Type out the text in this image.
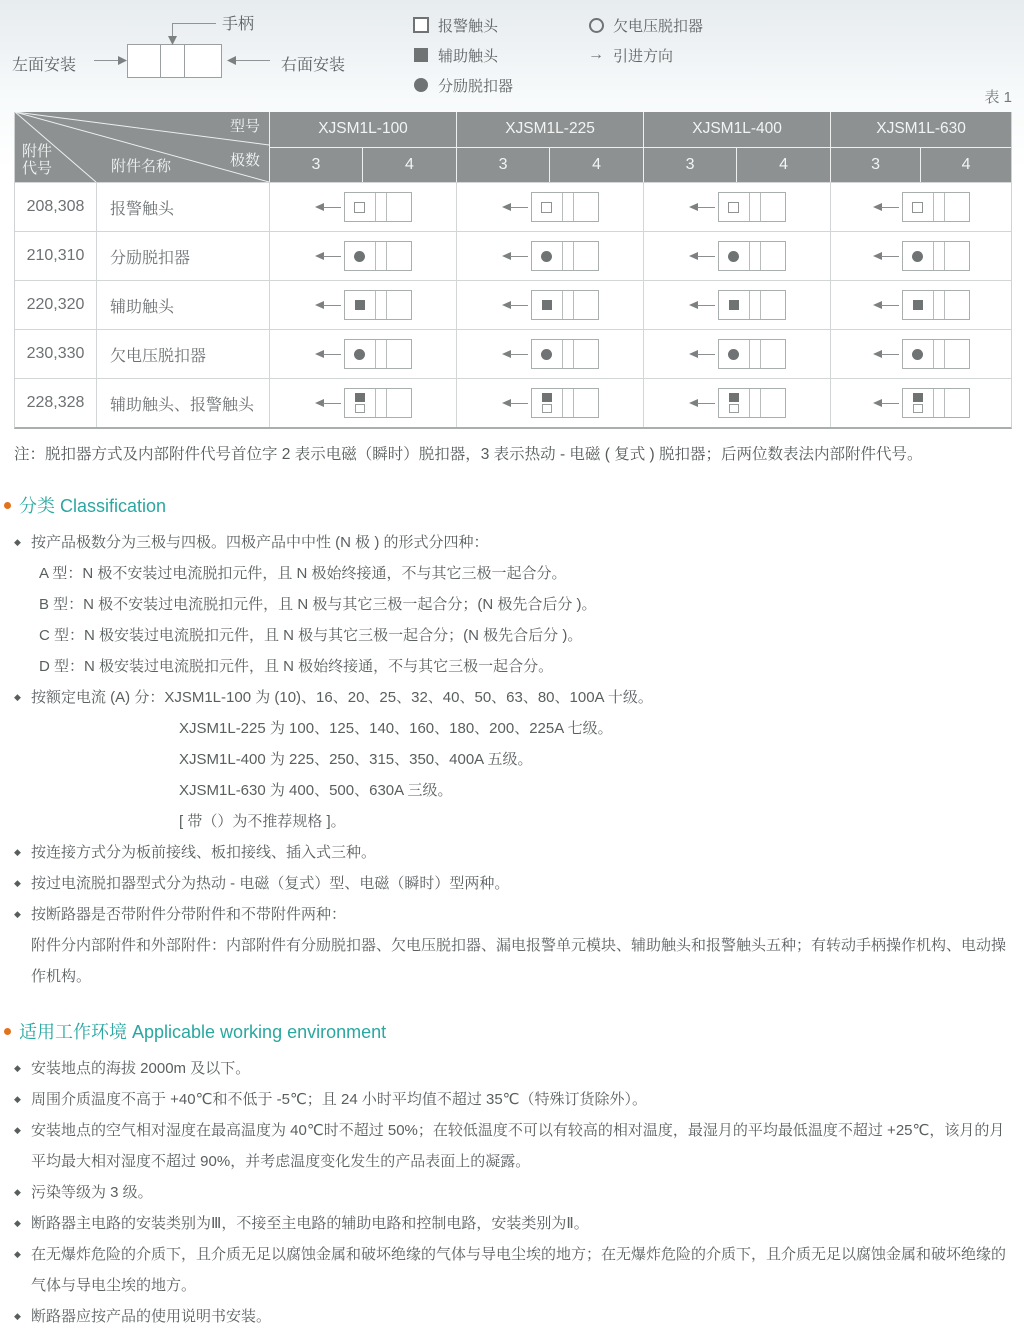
左面安装	右面安装
手柄	报警触头
辅助触头
分励脱扣器
欠电压脱扣器
→ 引进方向
表 1
型号
极数
附件代号 附件名称		XJSM1L-100		XJSM1L-225		XJSM1L-400		XJSM1L-630	
		3	4	3	4	3	4	3	4
208,308	报警触头					

210,310	分励脱扣器					

220,320	辅助触头					

230,330	欠电压脱扣器					

228,328	辅助触头、报警触头					

注：脱扣器方式及内部附件代号首位字 2 表示电磁（瞬时）脱扣器，3 表示热动 - 电磁 ( 复式 ) 脱扣器；后两位数表法内部附件代号。

分类 Classification
◆ 按产品极数分为三极与四极。四极产品中中性 (N 极 ) 的形式分四种：
A 型：N 极不安装过电流脱扣元件，且 N 极始终接通，不与其它三极一起合分。
B 型：N 极不安装过电流脱扣元件，且 N 极与其它三极一起合分；(N 极先合后分 )。
C 型：N 极安装过电流脱扣元件，且 N 极与其它三极一起合分；(N 极先合后分 )。
D 型：N 极安装过电流脱扣元件，且 N 极始终接通，不与其它三极一起合分。
◆ 按额定电流 (A) 分：XJSM1L-100 为 (10)、16、20、25、32、40、50、63、80、100A 十级。
XJSM1L-225 为 100、125、140、160、180、200、225A 七级。
XJSM1L-400 为 225、250、315、350、400A 五级。
XJSM1L-630 为 400、500、630A 三级。
[ 带（）为不推荐规格 ]。
◆ 按连接方式分为板前接线、板扣接线、插入式三种。
◆ 按过电流脱扣器型式分为热动 - 电磁（复式）型、电磁（瞬时）型两种。
◆ 按断路器是否带附件分带附件和不带附件两种：
附件分内部附件和外部附件：内部附件有分励脱扣器、欠电压脱扣器、漏电报警单元模块、辅助触头和报警触头五种；有转动手柄操作机构、电动操作机构。
适用工作环境 Applicable working environment
◆ 安装地点的海拔 2000m 及以下。
◆ 周围介质温度不高于 +40℃和不低于 -5℃；且 24 小时平均值不超过 35℃（特殊订货除外）。
◆ 安装地点的空气相对湿度在最高温度为 40℃时不超过 50%；在较低温度不可以有较高的相对温度，最湿月的平均最低温度不超过 +25℃，该月的月平均最大相对湿度不超过 90%，并考虑温度变化发生的产品表面上的凝露。
◆ 污染等级为 3 级。
◆ 断路器主电路的安装类别为Ⅲ，不接至主电路的辅助电路和控制电路，安装类别为Ⅱ。
◆ 在无爆炸危险的介质下，且介质无足以腐蚀金属和破坏绝缘的气体与导电尘埃的地方；在无爆炸危险的介质下，且介质无足以腐蚀金属和破坏绝缘的气体与导电尘埃的地方。
◆ 断路器应按产品的使用说明书安装。
